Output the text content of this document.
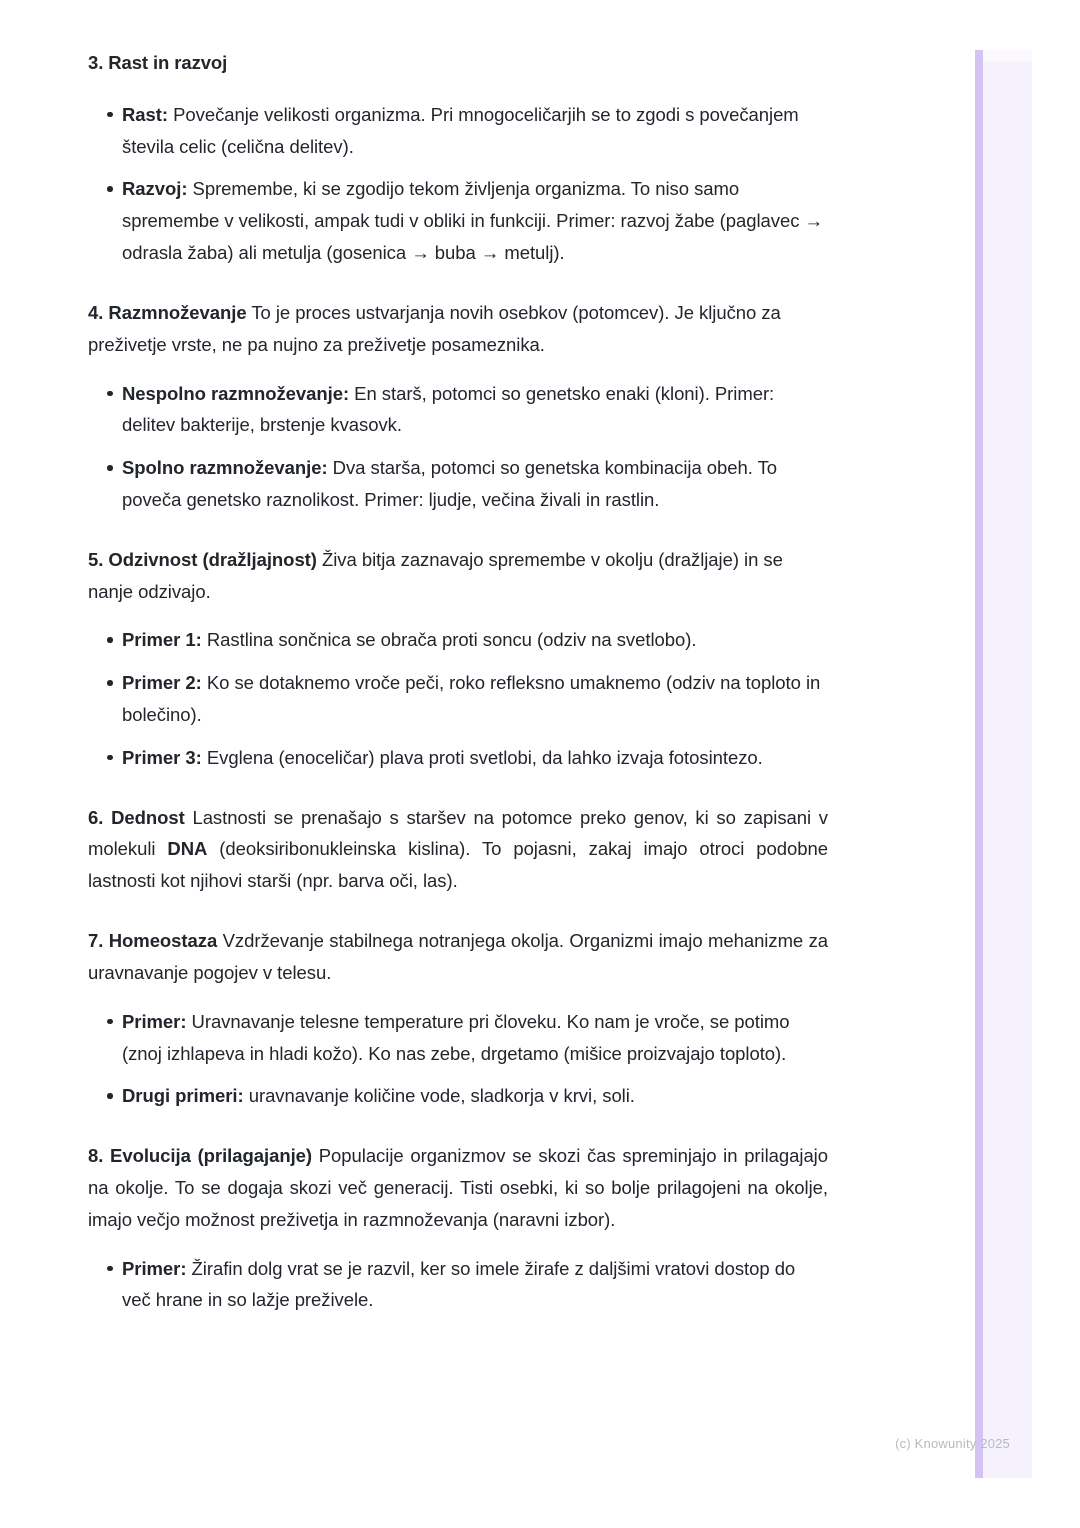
(c) Knowunity 2025
3. Rast in razvoj
Rast: Povečanje velikosti organizma. Pri mnogoceličarjih se to zgodi s povečanjem števila celic (celična delitev).
Razvoj: Spremembe, ki se zgodijo tekom življenja organizma. To niso samo spremembe v velikosti, ampak tudi v obliki in funkciji. Primer: razvoj žabe (paglavec → odrasla žaba) ali metulja (gosenica → buba → metulj).

4. Razmnoževanje To je proces ustvarjanja novih osebkov (potomcev). Je ključno za preživetje vrste, ne pa nujno za preživetje posameznika.

Nespolno razmnoževanje: En starš, potomci so genetsko enaki (kloni). Primer: delitev bakterije, brstenje kvasovk.
Spolno razmnoževanje: Dva starša, potomci so genetska kombinacija obeh. To poveča genetsko raznolikost. Primer: ljudje, večina živali in rastlin.

5. Odzivnost (dražljajnost) Živa bitja zaznavajo spremembe v okolju (dražljaje) in se nanje odzivajo.

Primer 1: Rastlina sončnica se obrača proti soncu (odziv na svetlobo).
Primer 2: Ko se dotaknemo vroče peči, roko refleksno umaknemo (odziv na toploto in bolečino).
Primer 3: Evglena (enoceličar) plava proti svetlobi, da lahko izvaja fotosintezo.

6. Dednost Lastnosti se prenašajo s staršev na potomce preko genov, ki so zapisani v molekuli DNA (deoksiribonukleinska kislina). To pojasni, zakaj imajo otroci podobne lastnosti kot njihovi starši (npr. barva oči, las).

7. Homeostaza Vzdrževanje stabilnega notranjega okolja. Organizmi imajo mehanizme za uravnavanje pogojev v telesu.

Primer: Uravnavanje telesne temperature pri človeku. Ko nam je vroče, se potimo (znoj izhlapeva in hladi kožo). Ko nas zebe, drgetamo (mišice proizvajajo toploto).
Drugi primeri: uravnavanje količine vode, sladkorja v krvi, soli.

8. Evolucija (prilagajanje) Populacije organizmov se skozi čas spreminjajo in prilagajajo na okolje. To se dogaja skozi več generacij. Tisti osebki, ki so bolje prilagojeni na okolje, imajo večjo možnost preživetja in razmnoževanja (naravni izbor).

Primer: Žirafin dolg vrat se je razvil, ker so imele žirafe z daljšimi vratovi dostop do več hrane in so lažje preživele.
